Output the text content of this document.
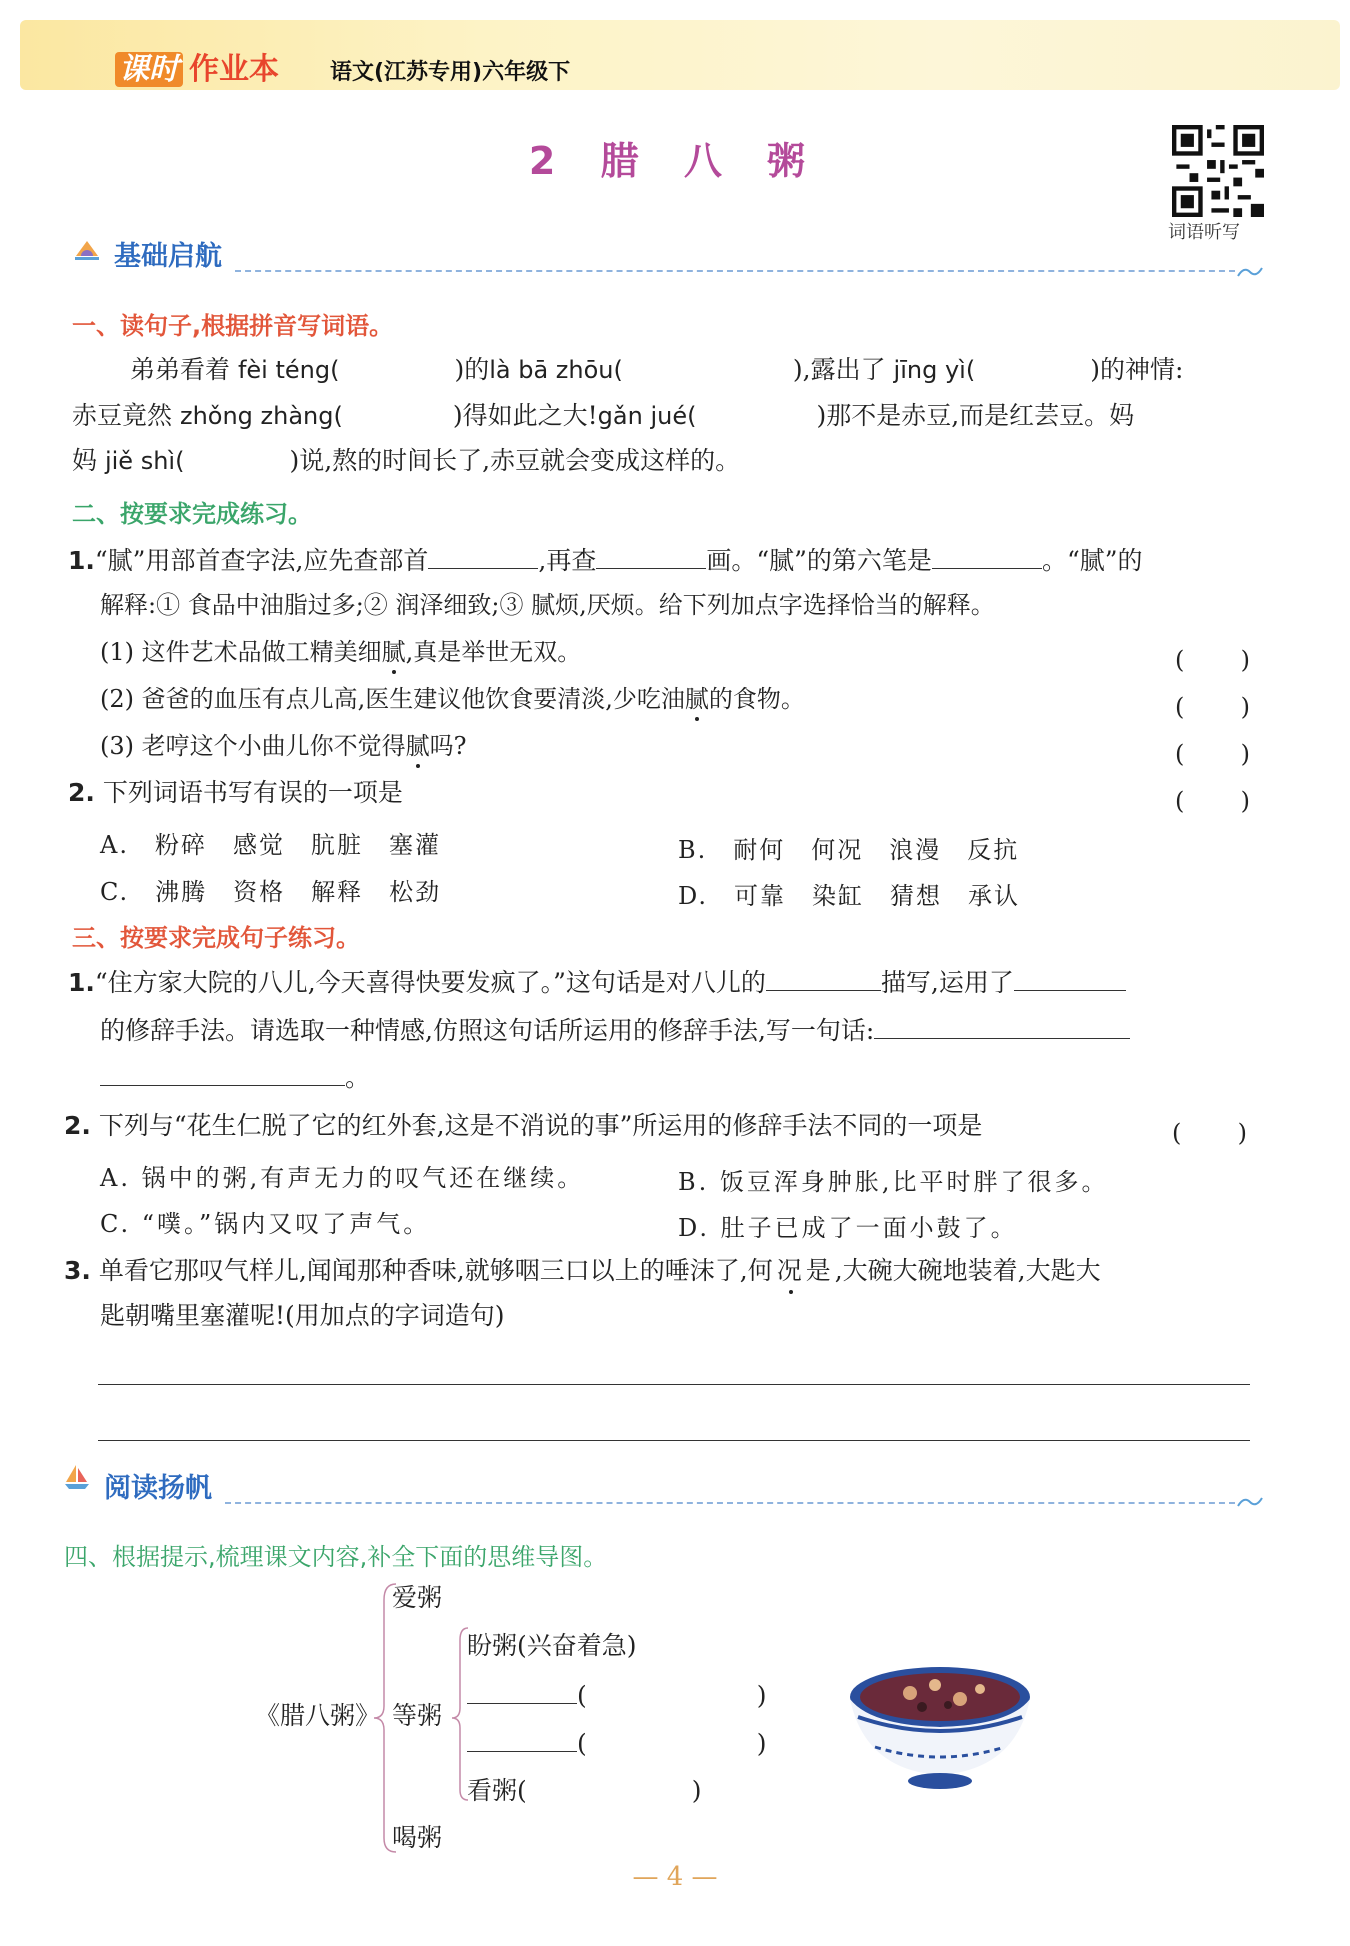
课时 作业本 语文(江苏专用)六年级下
2 腊 八 粥
词语听写
基础启航
一、读句子,根据拼音写词语。
弟弟看着 fèi téng(	)的là bā zhōu(	),露出了 jīng yì(	)的神情:
赤豆竟然 zhǒng zhàng(	)得如此之大!gǎn jué(	)那不是赤豆,而是红芸豆。妈
妈 jiě shì(	)说,熬的时间长了,赤豆就会变成这样的。
二、按要求完成练习。
1.“腻”用部首查字法,应先查部首	,再查	画。“腻”的第六笔是	。“腻”的
解释:① 食品中油脂过多;② 润泽细致;③ 腻烦,厌烦。给下列加点字选择恰当的解释。
(1) 这件艺术品做工精美细腻,真是举世无双。
(2) 爸爸的血压有点儿高,医生建议他饮食要清淡,少吃油腻的食物。
(3) 老哼这个小曲儿你不觉得腻吗?
( )
( )
( )
2. 下列词语书写有误的一项是	( )
A. 粉碎 感觉 肮脏 塞灌	B. 耐何 何况 浪漫 反抗
C. 沸腾 资格 解释 松劲	D. 可靠 染缸 猜想 承认
三、按要求完成句子练习。
1.“住方家大院的八儿,今天喜得快要发疯了。”这句话是对八儿的	描写,运用了
的修辞手法。请选取一种情感,仿照这句话所运用的修辞手法,写一句话:
。
2. 下列与“花生仁脱了它的红外套,这是不消说的事”所运用的修辞手法不同的一项是	( )
A. 锅中的粥,有声无力的叹气还在继续。	B. 饭豆浑身肿胀,比平时胖了很多。
C. “噗。”锅内又叹了声气。	D. 肚子已成了一面小鼓了。
3. 单看它那叹气样儿,闻闻那种香味,就够咽三口以上的唾沫了,何况是,大碗大碗地装着,大匙大
匙朝嘴里塞灌呢!(用加点的字词造句)
阅读扬帆
四、根据提示,梳理课文内容,补全下面的思维导图。
《腊八粥》
爱粥
等粥
喝粥
盼粥(兴奋着急)
(	)
(	)
看粥(	)
— 4 —
